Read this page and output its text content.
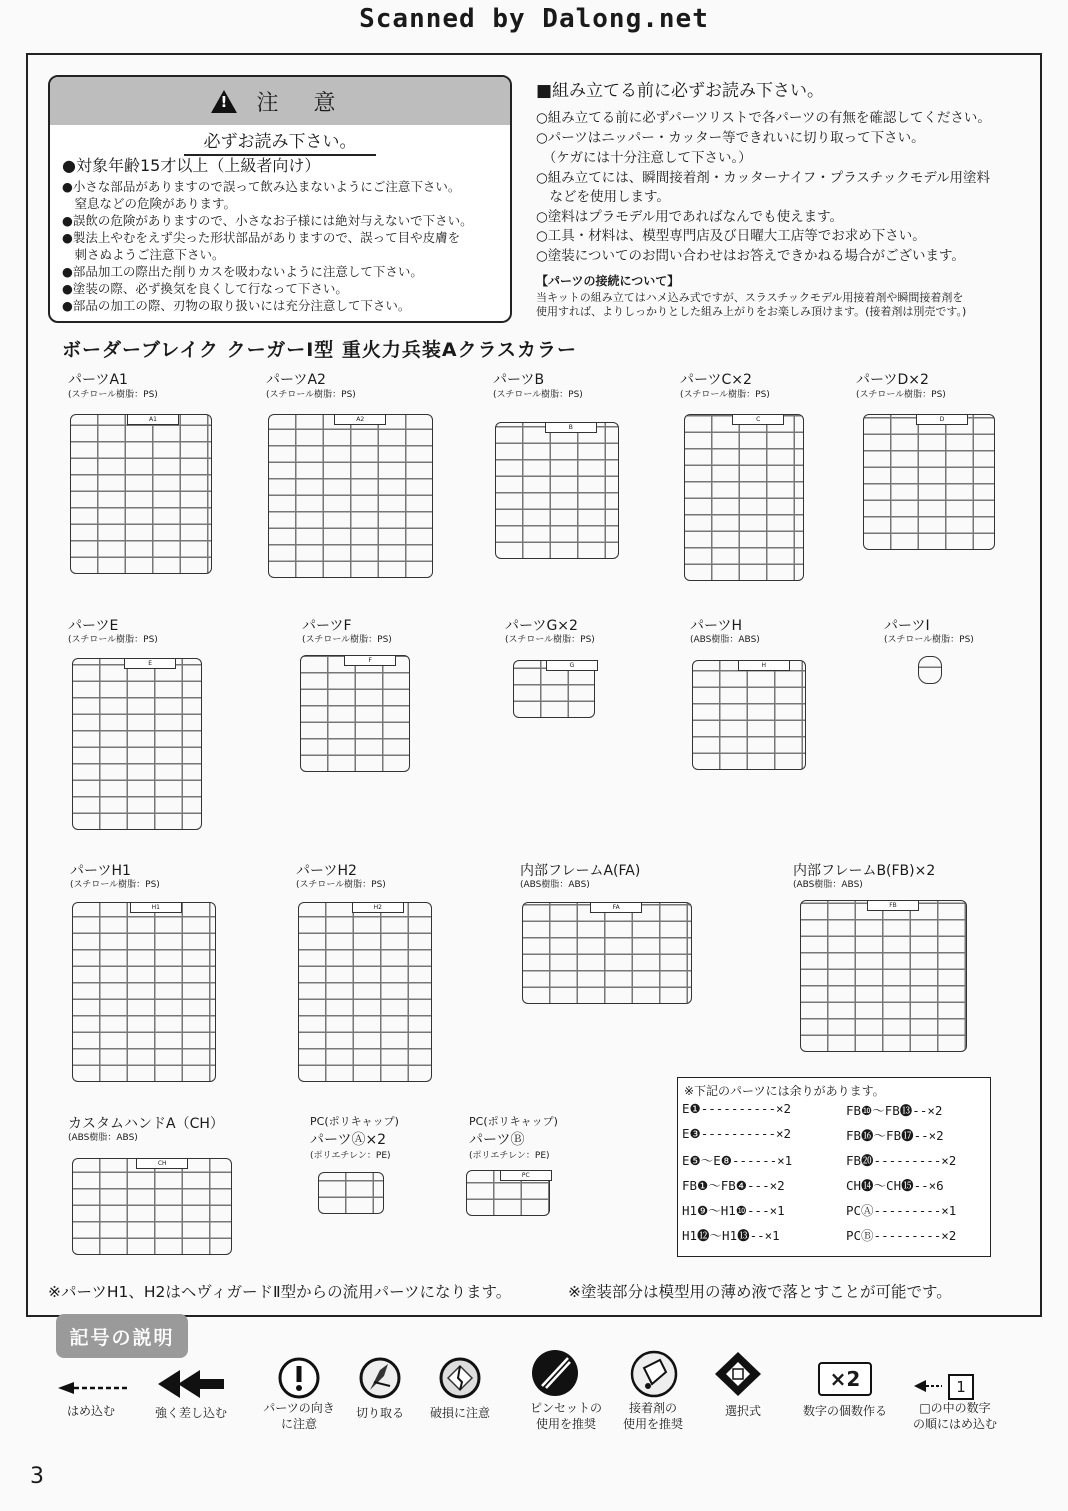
Scanned by Dalong.net
!
注 意
必ずお読み下さい。
●対象年齢15才以上（上級者向け）
●小さな部品がありますので誤って飲み込まないようにご注意下さい。
　窒息などの危険があります。
●誤飲の危険がありますので、小さなお子様には絶対与えないで下さい。
●製法上やむをえず尖った形状部品がありますので、誤って目や皮膚を
　刺さぬようご注意下さい。
●部品加工の際出た削りカスを吸わないように注意して下さい。
●塗装の際、必ず換気を良くして行なって下さい。
●部品の加工の際、刃物の取り扱いには充分注意して下さい。
■組み立てる前に必ずお読み下さい。
○組み立てる前に必ずパーツリストで各パーツの有無を確認してください。
○パーツはニッパー・カッター等できれいに切り取って下さい。
　（ケガには十分注意して下さい。）
○組み立てには、瞬間接着剤・カッターナイフ・プラスチックモデル用塗料
　などを使用します。
○塗料はプラモデル用であればなんでも使えます。
○工具・材料は、模型専門店及び日曜大工店等でお求め下さい。
○塗装についてのお問い合わせはお答えできかねる場合がございます。
【パーツの接続について】
当キットの組み立てはハメ込み式ですが、スラスチックモデル用接着剤や瞬間接着剤を
使用すれば、よりしっかりとした組み上がりをお楽しみ頂けます。(接着剤は別売です。)
ボーダーブレイク クーガーⅠ型 重火力兵装Aクラスカラー
パーツA1
(スチロール樹脂：PS)
A1
パーツA2
(スチロール樹脂：PS)
A2
パーツB
(スチロール樹脂：PS)
B
パーツC×2
(スチロール樹脂：PS)
C
パーツD×2
(スチロール樹脂：PS)
D
パーツE
(スチロール樹脂：PS)
E
パーツF
(スチロール樹脂：PS)
F
パーツG×2
(スチロール樹脂：PS)
G
パーツH
(ABS樹脂：ABS)
H
パーツI
(スチロール樹脂：PS)
パーツH1
(スチロール樹脂：PS)
H1
パーツH2
(スチロール樹脂：PS)
H2
内部フレームA(FA)
(ABS樹脂：ABS)
FA
内部フレームB(FB)×2
(ABS樹脂：ABS)
FB
カスタムハンドA（CH）
(ABS樹脂：ABS)
CH
PC(ポリキャップ)
パーツⒶ×2
(ポリエチレン：PE)
PC(ポリキャップ)
パーツⒷ
(ポリエチレン：PE)
PC
※下記のパーツには余りがあります。
E❶----------×2
E❸----------×2
E❺～E❽------×1
FB❶～FB❹---×2
H1❾～H1❿---×1
H1⓬～H1⓭--×1
FB❿～FB⓭--×2
FB⓰～FB⓱--×2
FB⓴---------×2
CH⓮～CH⓯--×6
PCⒶ---------×1
PCⒷ---------×2
※パーツH1、H2はヘヴィガードⅡ型からの流用パーツになります。	※塗装部分は模型用の薄め液で落とすことが可能です。
記号の説明
はめ込む	強く差し込む	パーツの向き
に注意
切り取る	破損に注意	ピンセットの
使用を推奨
接着剤の
使用を推奨
選択式
×2
数字の個数作る
1
□の中の数字
の順にはめ込む
3
